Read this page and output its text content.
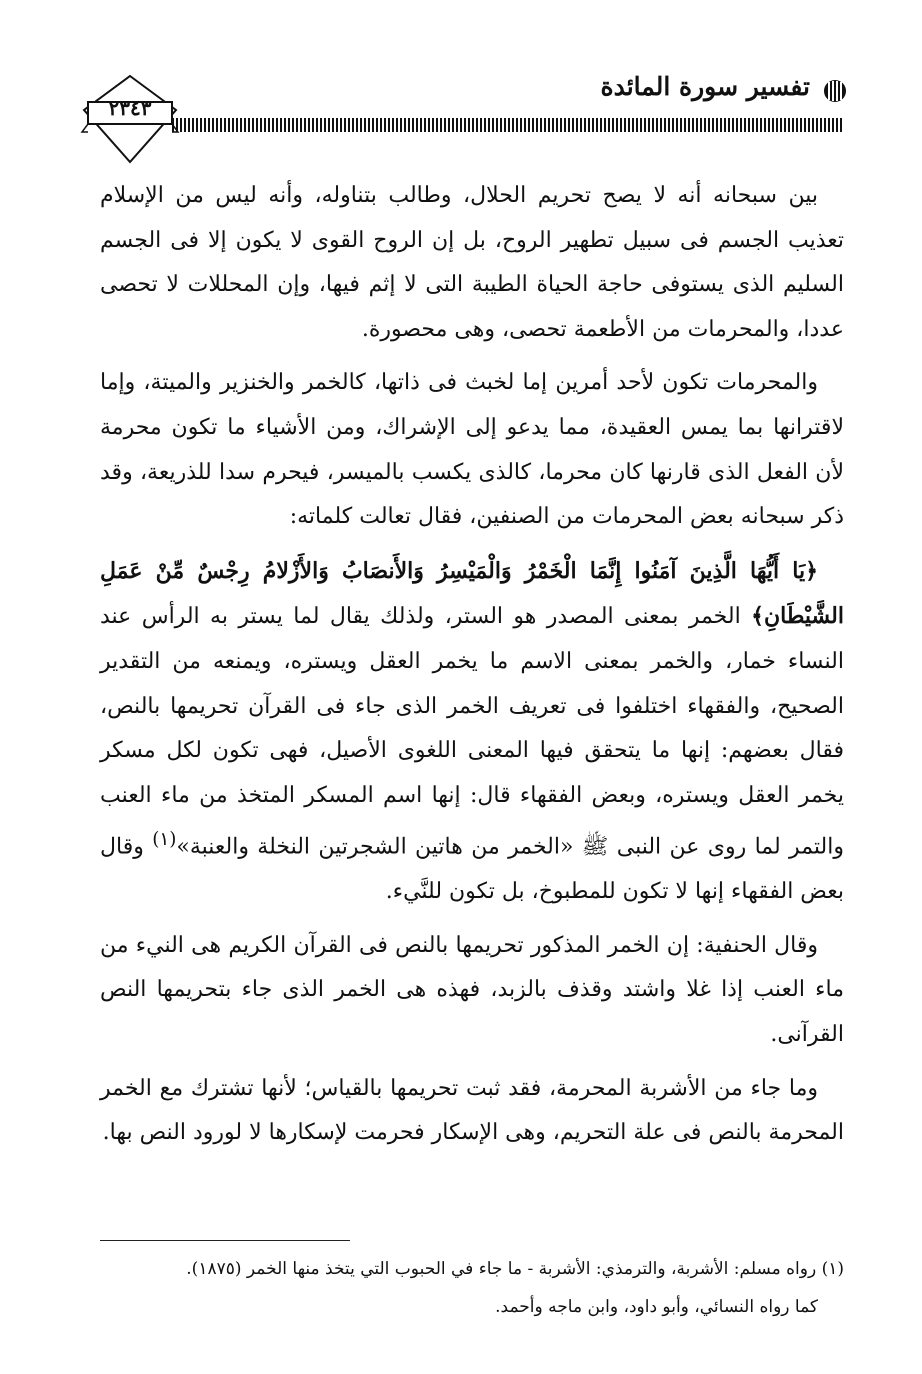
تفسير سورة المائدة
٢٣٤٣

بين سبحانه أنه لا يصح تحريم الحلال، وطالب بتناوله، وأنه ليس من الإسلام تعذيب الجسم فى سبيل تطهير الروح، بل إن الروح القوى لا يكون إلا فى الجسم السليم الذى يستوفى حاجة الحياة الطيبة التى لا إثم فيها، وإن المحللات لا تحصى عددا، والمحرمات من الأطعمة تحصى، وهى محصورة.

والمحرمات تكون لأحد أمرين إما لخبث فى ذاتها، كالخمر والخنزير والميتة، وإما لاقترانها بما يمس العقيدة، مما يدعو إلى الإشراك، ومن الأشياء ما تكون محرمة لأن الفعل الذى قارنها كان محرما، كالذى يكسب بالميسر، فيحرم سدا للذريعة، وقد ذكر سبحانه بعض المحرمات من الصنفين، فقال تعالت كلماته:

﴿يَا أَيُّهَا الَّذِينَ آمَنُوا إِنَّمَا الْخَمْرُ وَالْمَيْسِرُ وَالأَنصَابُ وَالأَزْلامُ رِجْسٌ مِّنْ عَمَلِ الشَّيْطَانِ﴾ الخمر بمعنى المصدر هو الستر، ولذلك يقال لما يستر به الرأس عند النساء خمار، والخمر بمعنى الاسم ما يخمر العقل ويستره، ويمنعه من التقدير الصحيح، والفقهاء اختلفوا فى تعريف الخمر الذى جاء فى القرآن تحريمها بالنص، فقال بعضهم: إنها ما يتحقق فيها المعنى اللغوى الأصيل، فهى تكون لكل مسكر يخمر العقل ويستره، وبعض الفقهاء قال: إنها اسم المسكر المتخذ من ماء العنب والتمر لما روى عن النبى ﷺ «الخمر من هاتين الشجرتين النخلة والعنبة»$^{(١)}$ وقال بعض الفقهاء إنها لا تكون للمطبوخ، بل تكون للنَّيء.

وقال الحنفية: إن الخمر المذكور تحريمها بالنص فى القرآن الكريم هى النيء من ماء العنب إذا غلا واشتد وقذف بالزبد، فهذه هى الخمر الذى جاء بتحريمها النص القرآنى.

وما جاء من الأشربة المحرمة، فقد ثبت تحريمها بالقياس؛ لأنها تشترك مع الخمر المحرمة بالنص فى علة التحريم، وهى الإسكار فحرمت لإسكارها لا لورود النص بها.

(١) رواه مسلم: الأشربة، والترمذي: الأشربة - ما جاء في الحبوب التي يتخذ منها الخمر (١٨٧٥).

كما رواه النسائي، وأبو داود، وابن ماجه وأحمد.
